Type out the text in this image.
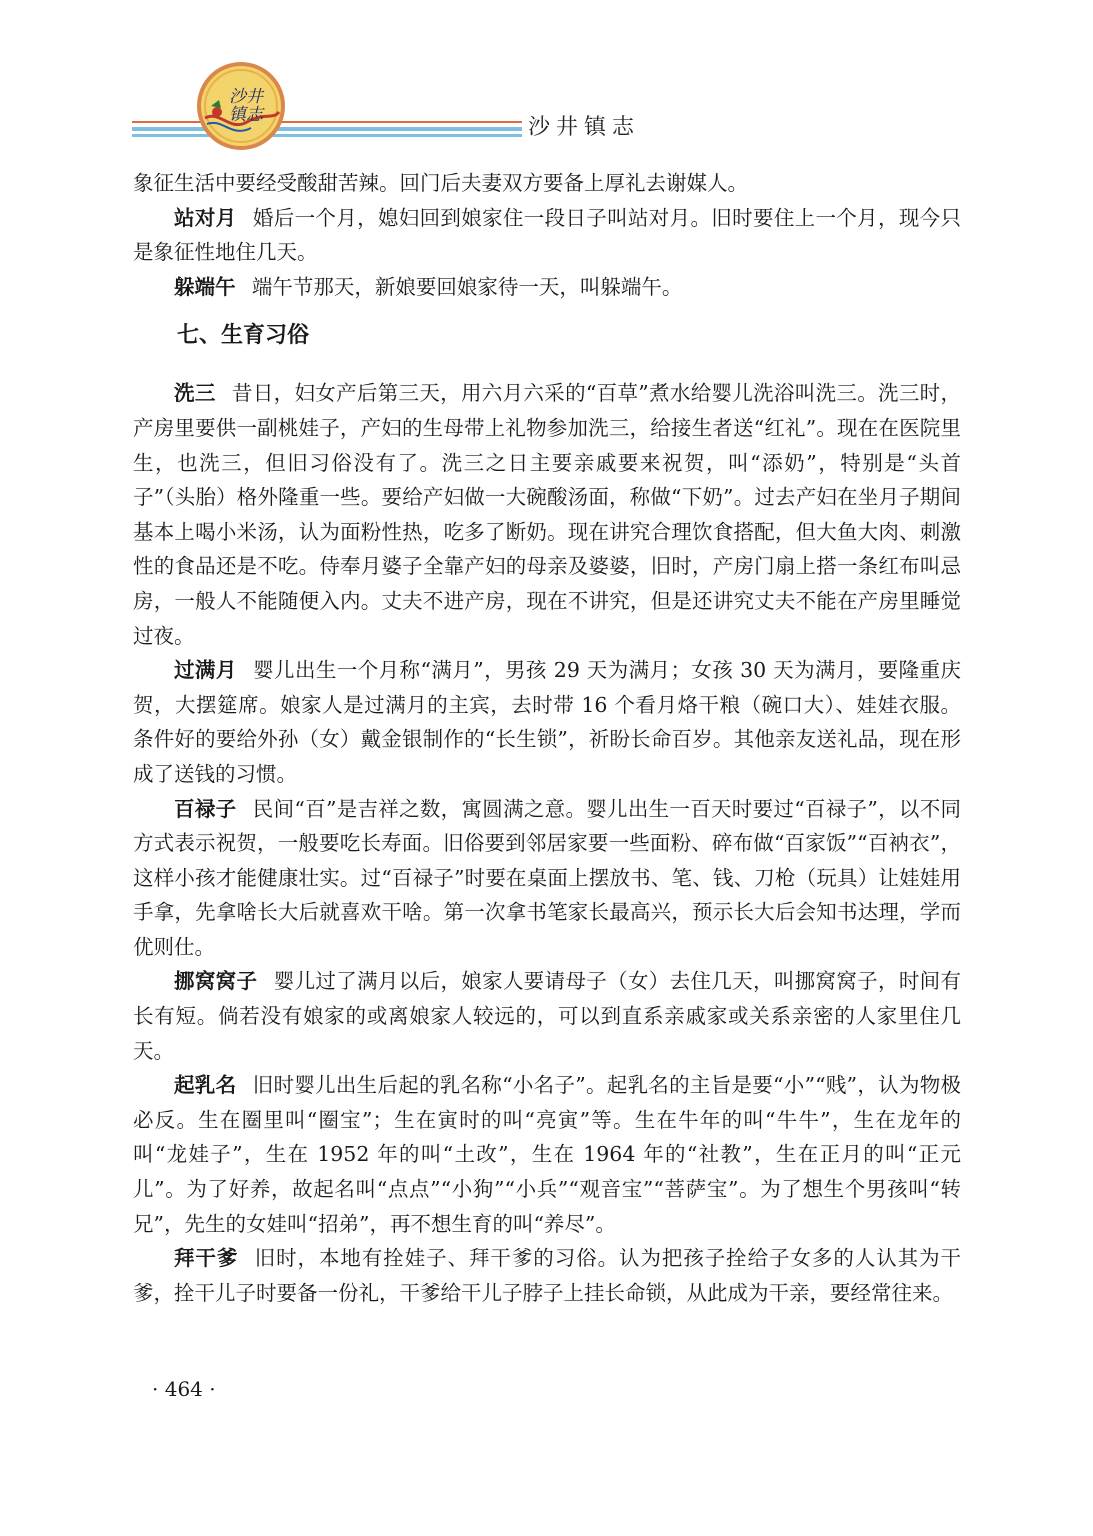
沙井
镇志	沙井镇志

象征生活中要经受酸甜苦辣。回门后夫妻双方要备上厚礼去谢媒人。

站对月 婚后一个月，媳妇回到娘家住一段日子叫站对月。旧时要住上一个月，现今只是象征性地住几天。

躲端午 端午节那天，新娘要回娘家待一天，叫躲端午。

七、生育习俗

洗三 昔日，妇女产后第三天，用六月六采的“百草”煮水给婴儿洗浴叫洗三。洗三时，产房里要供一副桃娃子，产妇的生母带上礼物参加洗三，给接生者送“红礼”。现在在医院里生，也洗三，但旧习俗没有了。洗三之日主要亲戚要来祝贺，叫“添奶”，特别是“头首子”（头胎）格外隆重一些。要给产妇做一大碗酸汤面，称做“下奶”。过去产妇在坐月子期间基本上喝小米汤，认为面粉性热，吃多了断奶。现在讲究合理饮食搭配，但大鱼大肉、刺激性的食品还是不吃。侍奉月婆子全靠产妇的母亲及婆婆，旧时，产房门扇上搭一条红布叫忌房，一般人不能随便入内。丈夫不进产房，现在不讲究，但是还讲究丈夫不能在产房里睡觉过夜。

过满月 婴儿出生一个月称“满月”，男孩 29 天为满月；女孩 30 天为满月，要隆重庆贺，大摆筵席。娘家人是过满月的主宾，去时带 16 个看月烙干粮（碗口大）、娃娃衣服。条件好的要给外孙（女）戴金银制作的“长生锁”，祈盼长命百岁。其他亲友送礼品，现在形成了送钱的习惯。

百禄子 民间“百”是吉祥之数，寓圆满之意。婴儿出生一百天时要过“百禄子”，以不同方式表示祝贺，一般要吃长寿面。旧俗要到邻居家要一些面粉、碎布做“百家饭”“百衲衣”，这样小孩才能健康壮实。过“百禄子”时要在桌面上摆放书、笔、钱、刀枪（玩具）让娃娃用手拿，先拿啥长大后就喜欢干啥。第一次拿书笔家长最高兴，预示长大后会知书达理，学而优则仕。

挪窝窝子 婴儿过了满月以后，娘家人要请母子（女）去住几天，叫挪窝窝子，时间有长有短。倘若没有娘家的或离娘家人较远的，可以到直系亲戚家或关系亲密的人家里住几天。

起乳名 旧时婴儿出生后起的乳名称“小名子”。起乳名的主旨是要“小”“贱”，认为物极必反。生在圈里叫“圈宝”；生在寅时的叫“亮寅”等。生在牛年的叫“牛牛”，生在龙年的叫“龙娃子”，生在 1952 年的叫“土改”，生在 1964 年的“社教”，生在正月的叫“正元儿”。为了好养，故起名叫“点点”“小狗”“小兵”“观音宝”“菩萨宝”。为了想生个男孩叫“转兄”，先生的女娃叫“招弟”，再不想生育的叫“养尽”。

拜干爹 旧时，本地有拴娃子、拜干爹的习俗。认为把孩子拴给子女多的人认其为干爹，拴干儿子时要备一份礼，干爹给干儿子脖子上挂长命锁，从此成为干亲，要经常往来。

· 464 ·
